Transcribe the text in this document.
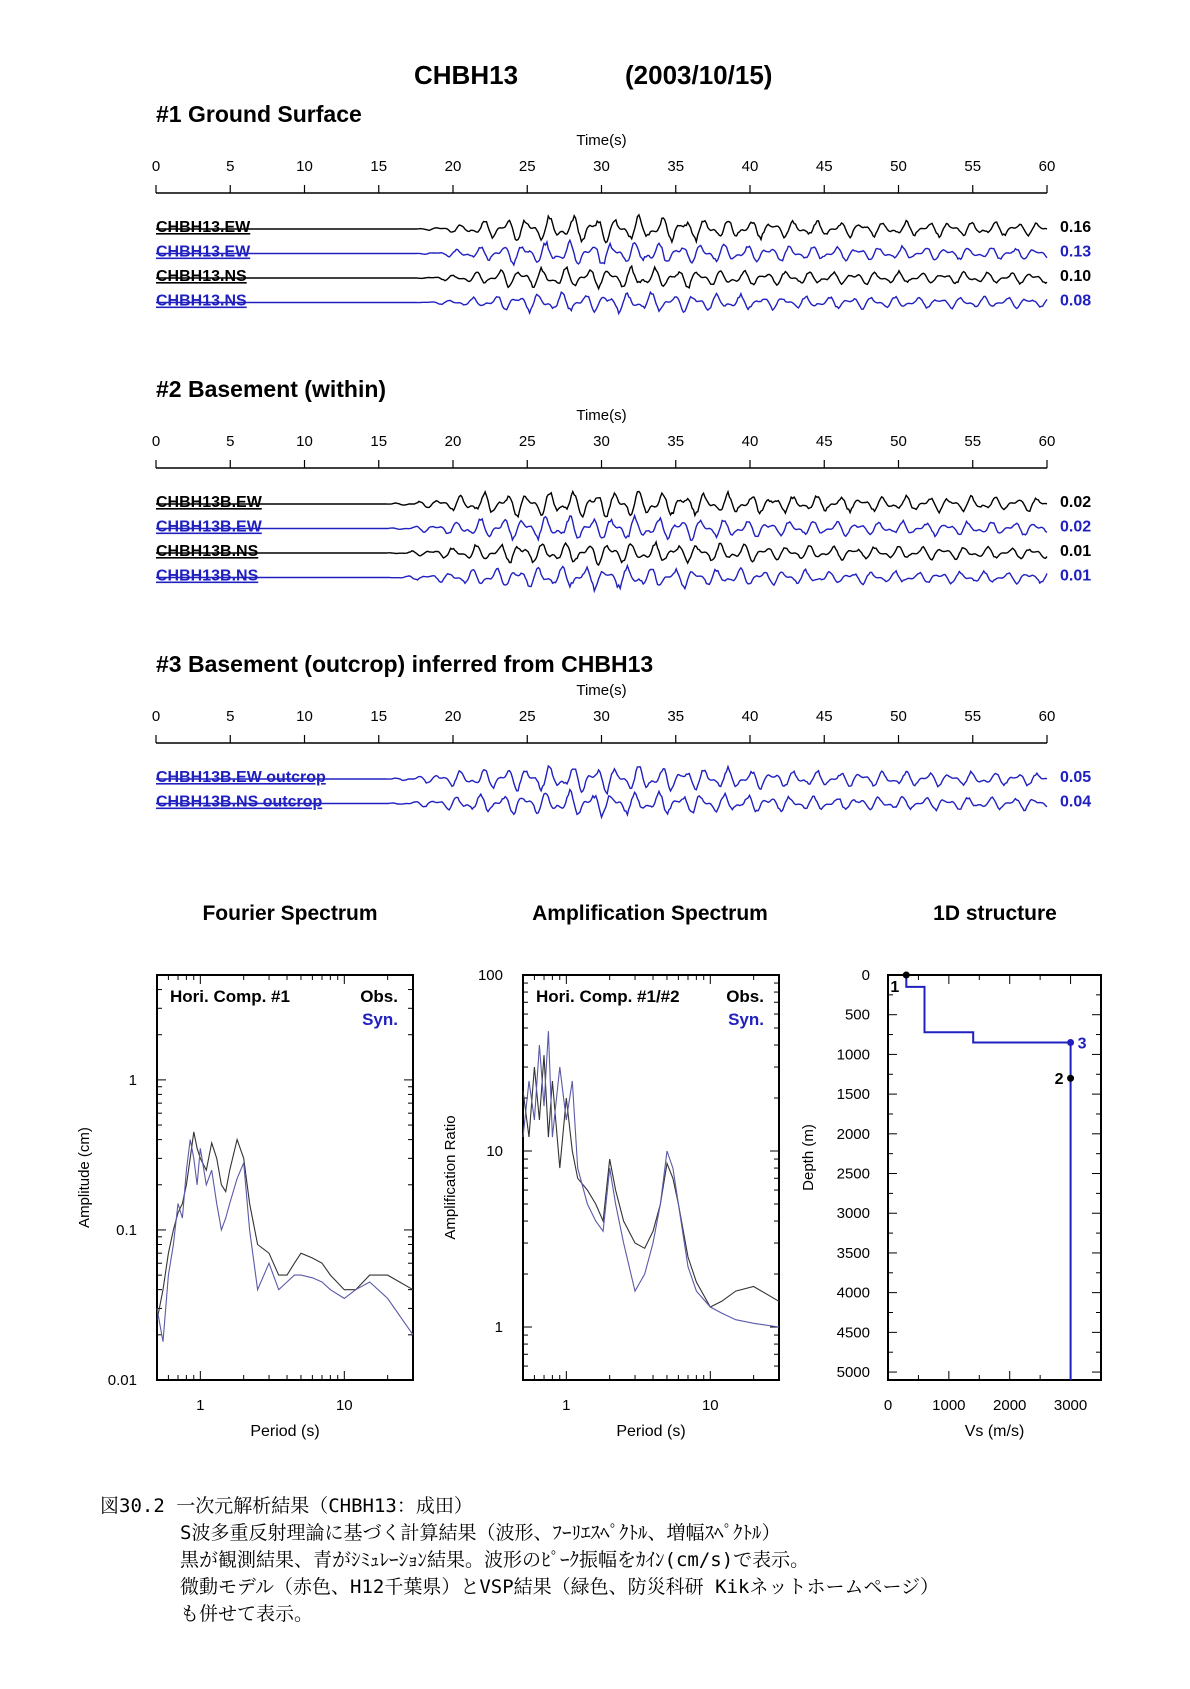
CHBH13	(2003/10/15)
#1 Ground Surface
Time(s)
0	5	10	15	20	25	30	35	40	45	50	55	60
CHBH13.EW	0.16
CHBH13.EW	0.13
CHBH13.NS	0.10
CHBH13.NS	0.08
#2 Basement (within)
Time(s)
0	5	10	15	20	25	30	35	40	45	50	55	60
CHBH13B.EW	0.02
CHBH13B.EW	0.02
CHBH13B.NS	0.01
CHBH13B.NS	0.01
#3 Basement (outcrop) inferred from CHBH13
Time(s)
0	5	10	15	20	25	30	35	40	45	50	55	60
CHBH13B.EW outcrop	0.05
CHBH13B.NS outcrop	0.04
Fourier Spectrum
1	10
0.01
0.1
1
Period (s)
Amplitude (cm)
Hori. Comp. #1	Obs.
Syn.
Amplification Spectrum
1	10
1
10
100
Period (s)
Amplification Ratio
Hori. Comp. #1/#2	Obs.
Syn.
1D structure
0	1000 2000 3000
0
500
1000
1500
2000
2500
3000
3500
4000
4500
5000
Vs (m/s)
Depth (m)
1
2
3
図30.2 一次元解析結果（CHBH13：成田）
S波多重反射理論に基づく計算結果（波形、ﾌｰﾘｴｽﾍﾟｸﾄﾙ、増幅ｽﾍﾟｸﾄﾙ）
黒が観測結果、青がｼﾐｭﾚｰｼｮﾝ結果。波形のﾋﾟｰｸ振幅をｶｲﾝ(cm/s)で表示。
微動モデル（赤色、H12千葉県）とVSP結果（緑色、防災科研 Kikネットホームページ）
も併せて表示。
